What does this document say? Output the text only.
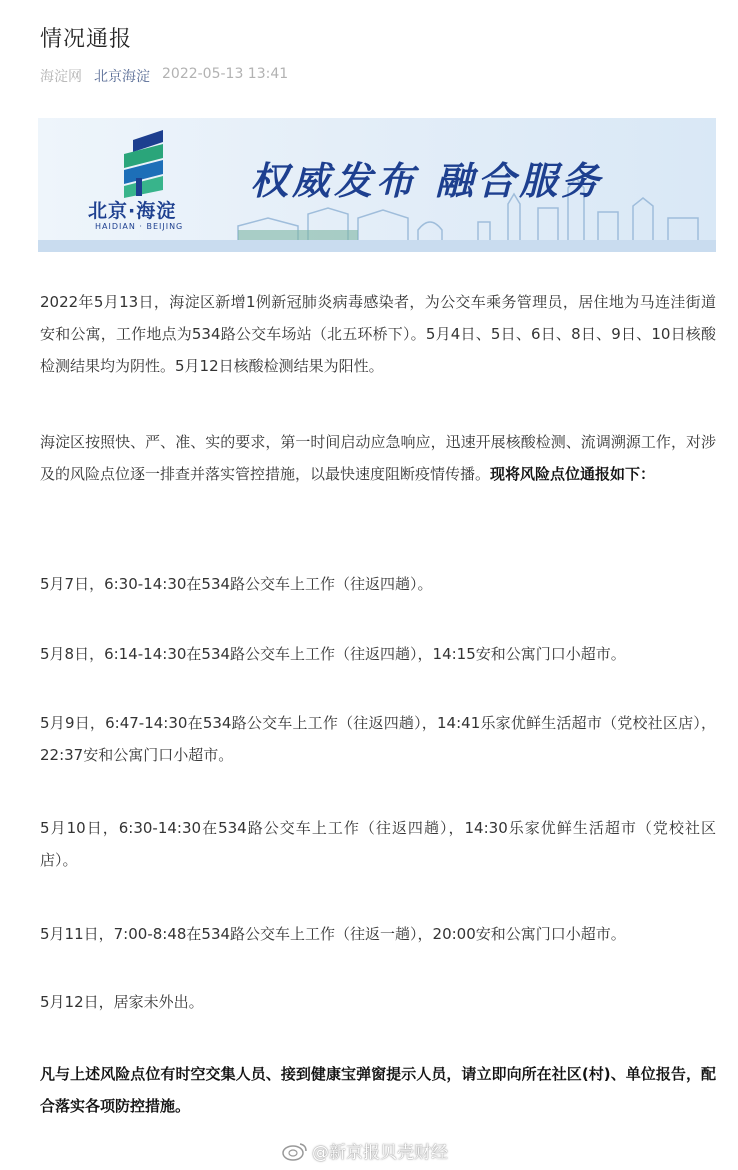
情况通报
海淀网 北京海淀 2022-05-13 13:41
权威发布 融合服务
北京·海淀
HAIDIAN · BEIJING

2022年5月13日，海淀区新增1例新冠肺炎病毒感染者，为公交车乘务管理员，居住地为马连洼街道安和公寓，工作地点为534路公交车场站（北五环桥下）。5月4日、5日、6日、8日、9日、10日核酸检测结果均为阴性。5月12日核酸检测结果为阳性。

海淀区按照快、严、准、实的要求，第一时间启动应急响应，迅速开展核酸检测、流调溯源工作，对涉及的风险点位逐一排查并落实管控措施，以最快速度阻断疫情传播。现将风险点位通报如下：

5月7日，6:30-14:30在534路公交车上工作（往返四趟）。

5月8日，6:14-14:30在534路公交车上工作（往返四趟），14:15安和公寓门口小超市。

5月9日，6:47-14:30在534路公交车上工作（往返四趟），14:41乐家优鲜生活超市（党校社区店），22:37安和公寓门口小超市。

5月10日，6:30-14:30在534路公交车上工作（往返四趟），14:30乐家优鲜生活超市（党校社区店）。

5月11日，7:00-8:48在534路公交车上工作（往返一趟），20:00安和公寓门口小超市。

5月12日，居家未外出。

凡与上述风险点位有时空交集人员、接到健康宝弹窗提示人员，请立即向所在社区(村)、单位报告，配合落实各项防控措施。

@新京报贝壳财经
